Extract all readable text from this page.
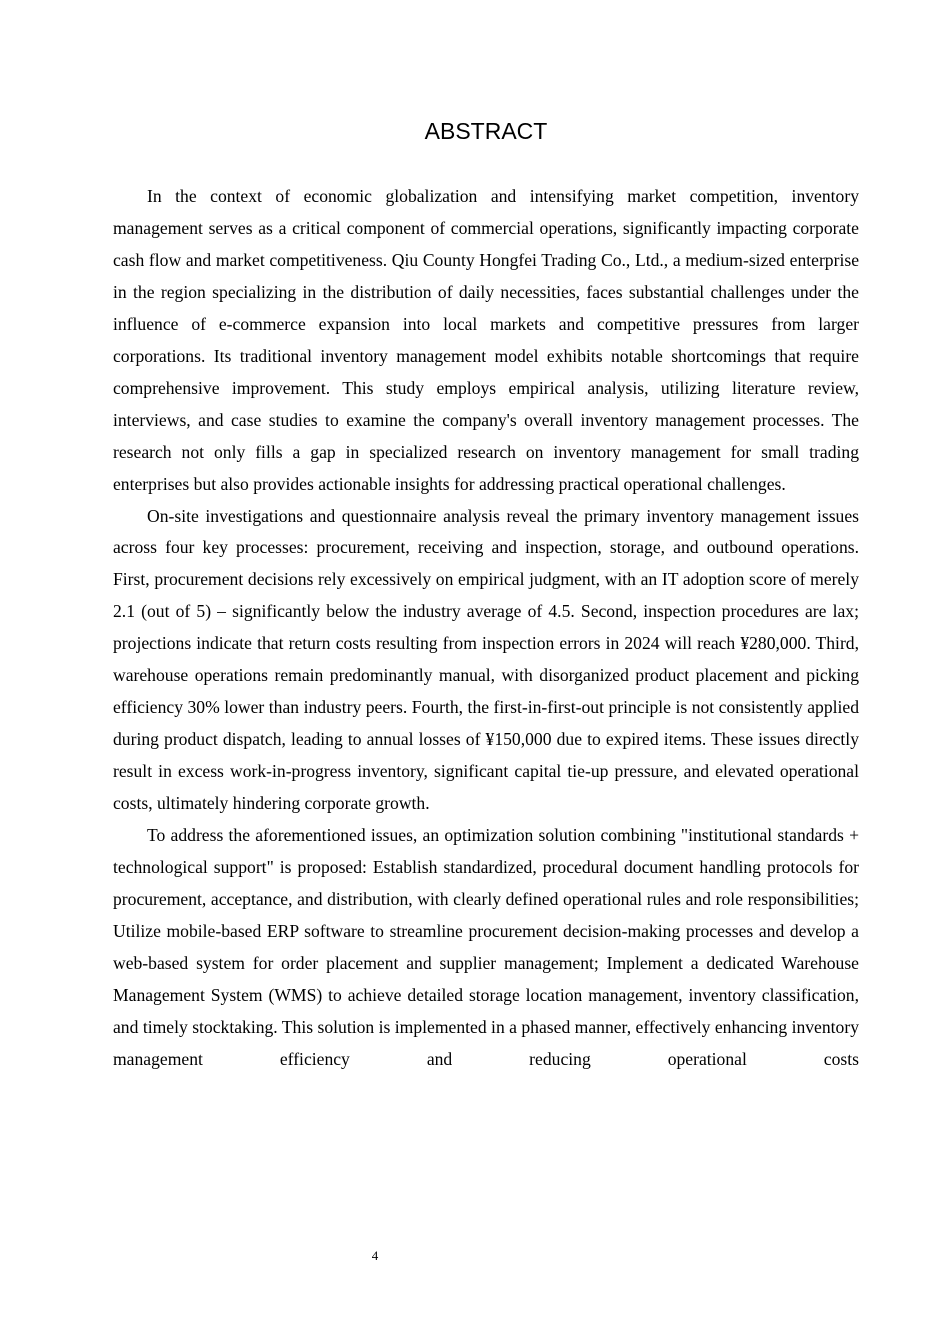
ABSTRACT

In the context of economic globalization and intensifying market competition, inventory management serves as a critical component of commercial operations, significantly impacting corporate cash flow and market competitiveness. Qiu County Hongfei Trading Co., Ltd., a medium-sized enterprise in the region specializing in the distribution of daily necessities, faces substantial challenges under the influence of e-commerce expansion into local markets and competitive pressures from larger corporations. Its traditional inventory management model exhibits notable shortcomings that require comprehensive improvement. This study employs empirical analysis, utilizing literature review, interviews, and case studies to examine the company's overall inventory management processes. The research not only fills a gap in specialized research on inventory management for small trading enterprises but also provides actionable insights for addressing practical operational challenges.

On-site investigations and questionnaire analysis reveal the primary inventory management issues across four key processes: procurement, receiving and inspection, storage, and outbound operations. First, procurement decisions rely excessively on empirical judgment, with an IT adoption score of merely 2.1 (out of 5) – significantly below the industry average of 4.5. Second, inspection procedures are lax; projections indicate that return costs resulting from inspection errors in 2024 will reach ¥280,000. Third, warehouse operations remain predominantly manual, with disorganized product placement and picking efficiency 30% lower than industry peers. Fourth, the first-in-first-out principle is not consistently applied during product dispatch, leading to annual losses of ¥150,000 due to expired items. These issues directly result in excess work-in-progress inventory, significant capital tie-up pressure, and elevated operational costs, ultimately hindering corporate growth.

To address the aforementioned issues, an optimization solution combining "institutional standards + technological support" is proposed: Establish standardized, procedural document handling protocols for procurement, acceptance, and distribution, with clearly defined operational rules and role responsibilities; Utilize mobile-based ERP software to streamline procurement decision-making processes and develop a web-based system for order placement and supplier management; Implement a dedicated Warehouse Management System (WMS) to achieve detailed storage location management, inventory classification, and timely stocktaking. This solution is implemented in a phased manner, effectively enhancing inventory management efficiency and reducing operational costs

4
